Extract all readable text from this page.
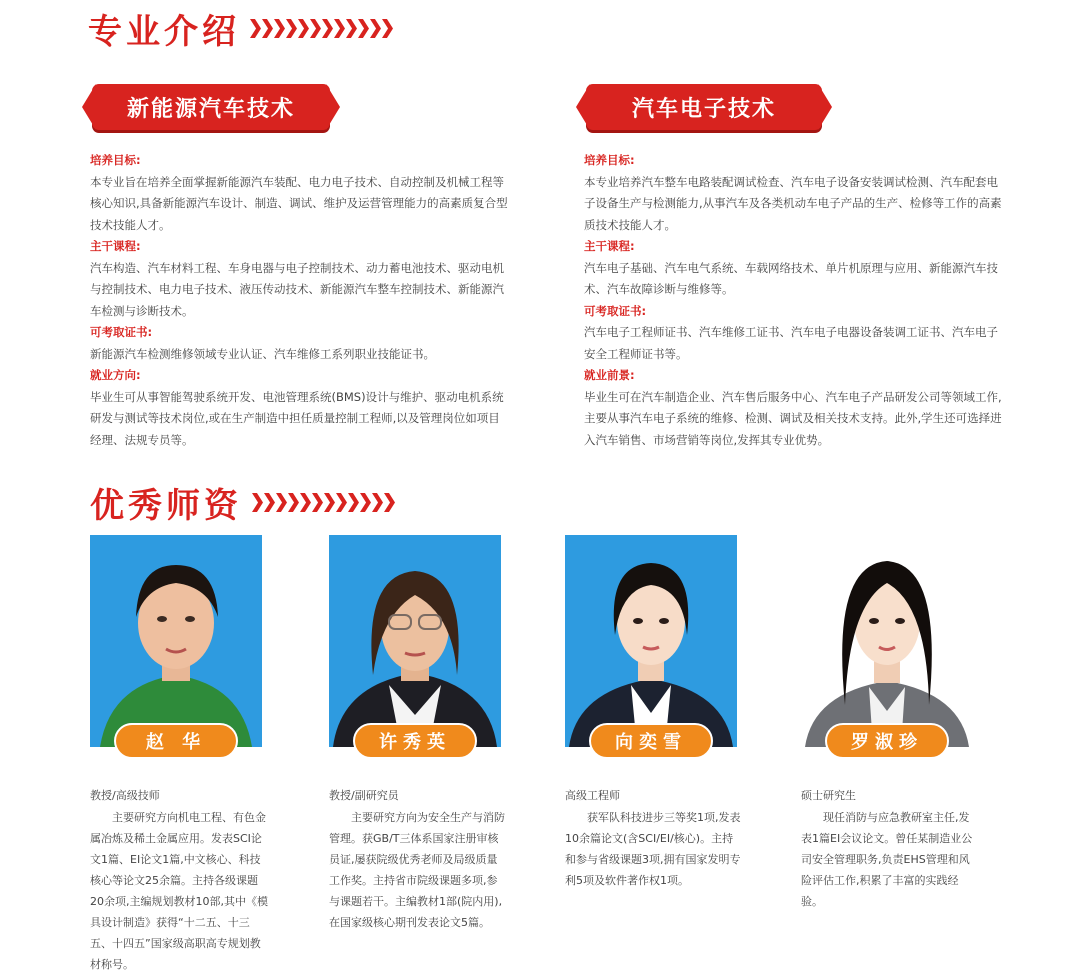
专业介绍
新能源汽车技术	汽车电子技术
培养目标:
本专业旨在培养全面掌握新能源汽车装配、电力电子技术、自动控制及机械工程等核心知识,具备新能源汽车设计、制造、调试、维护及运营管理能力的高素质复合型技术技能人才。
主干课程:
汽车构造、汽车材料工程、车身电器与电子控制技术、动力蓄电池技术、驱动电机与控制技术、电力电子技术、液压传动技术、新能源汽车整车控制技术、新能源汽车检测与诊断技术。
可考取证书:
新能源汽车检测维修领域专业认证、汽车维修工系列职业技能证书。
就业方向:
毕业生可从事智能驾驶系统开发、电池管理系统(BMS)设计与维护、驱动电机系统研发与测试等技术岗位,或在生产制造中担任质量控制工程师,以及管理岗位如项目经理、法规专员等。
培养目标:
本专业培养汽车整车电路装配调试检查、汽车电子设备安装调试检测、汽车配套电子设备生产与检测能力,从事汽车及各类机动车电子产品的生产、检修等工作的高素质技术技能人才。
主干课程:
汽车电子基础、汽车电气系统、车载网络技术、单片机原理与应用、新能源汽车技术、汽车故障诊断与维修等。
可考取证书:
汽车电子工程师证书、汽车维修工证书、汽车电子电器设备装调工证书、汽车电子安全工程师证书等。
就业前景:
毕业生可在汽车制造企业、汽车售后服务中心、汽车电子产品研发公司等领域工作,主要从事汽车电子系统的维修、检测、调试及相关技术支持。此外,学生还可选择进入汽车销售、市场营销等岗位,发挥其专业优势。
优秀师资
赵 华
教授/高级技师
主要研究方向机电工程、有色金属冶炼及稀土金属应用。发表SCI论文1篇、EI论文1篇,中文核心、科技核心等论文25余篇。主持各级课题20余项,主编规划教材10部,其中《模具设计制造》获得“十二五、十三五、十四五”国家级高职高专规划教材称号。
许秀英
教授/副研究员
主要研究方向为安全生产与消防管理。获GB/T三体系国家注册审核员证,屡获院级优秀老师及局级质量工作奖。主持省市院级课题多项,参与课题若干。主编教材1部(院内用),在国家级核心期刊发表论文5篇。
向奕雪
高级工程师
获军队科技进步三等奖1项,发表10余篇论文(含SCI/EI/核心)。主持和参与省级课题3项,拥有国家发明专利5项及软件著作权1项。
罗淑珍
硕士研究生
现任消防与应急教研室主任,发表1篇EI会议论文。曾任某制造业公司安全管理职务,负责EHS管理和风险评估工作,积累了丰富的实践经验。
